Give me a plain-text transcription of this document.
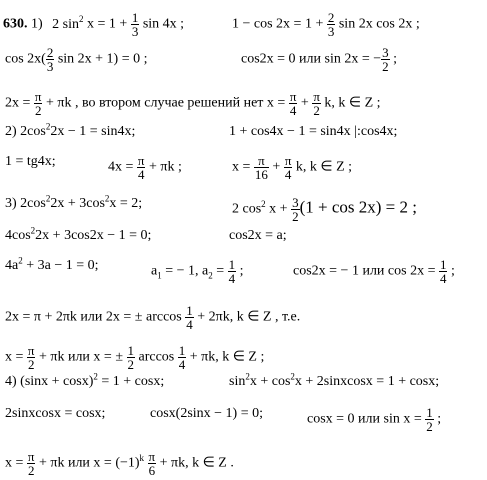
630. 1) 2 $\sin^2 x = 1 + \frac{1}{3}$ sin 4x ;	$1 - \cos 2x = 1 + \frac{2}{3}$ sin 2x cos 2x ;
$\cos 2x( \frac{2}{3}$ sin 2x + 1) = 0 ;	cos2x = 0 или sin 2x = − $\frac{3}{2}$ ;
$2x = \frac{\pi}{2} + \pi k$ , во втором случае решений нет $x = \frac{\pi}{4} + \frac{\pi}{2} k$, k ∈ Z ;
2) $2\cos^22x - 1 = \sin 4x$;	1 + cos4x − 1 = sin4x |:cos4x;
1 = tg4x;	$4x = \frac{\pi}{4} + \pi k$ ;	$x = \frac{\pi}{16} + \frac{\pi}{4} k$, k ∈ Z ;
3) $2\cos^22x + 3\cos^2x = 2$;	2 $\cos^2 x + \frac{3}{2} (1 + \cos 2x) = 2$ ;
$4\cos^22x + 3\cos 2x - 1 = 0$;	cos2x = a;
$4a^2 + 3a - 1 = 0$;	$a_1$ = − 1, $a_2 = \frac{1}{4}$ ;	cos2x = − 1 или $\cos 2x = \frac{1}{4}$ ;
2x = π + 2πk или 2x = ± $\arccos \frac{1}{4} + 2\pi k$, k ∈ Z , т.е.
$x = \frac{\pi}{2} + \pi k$ или x = ± $\frac{1}{2}$ $\arccos \frac{1}{4} + \pi k$, k ∈ Z ;
4) $(\sin x + \cos x)^2 = 1 + \cos x$;	$\sin^2x + \cos^2x$ + 2sinxcosx = 1 + cosx;
2sinxcosx = cosx;	cosx(2sinx − 1) = 0;	cosx = 0 или $\sin x = \frac{1}{2}$ ;
$x = \frac{\pi}{2} + \pi k$ или $x = (-1)^k \frac{\pi}{6} + \pi k$, k ∈ Z .
